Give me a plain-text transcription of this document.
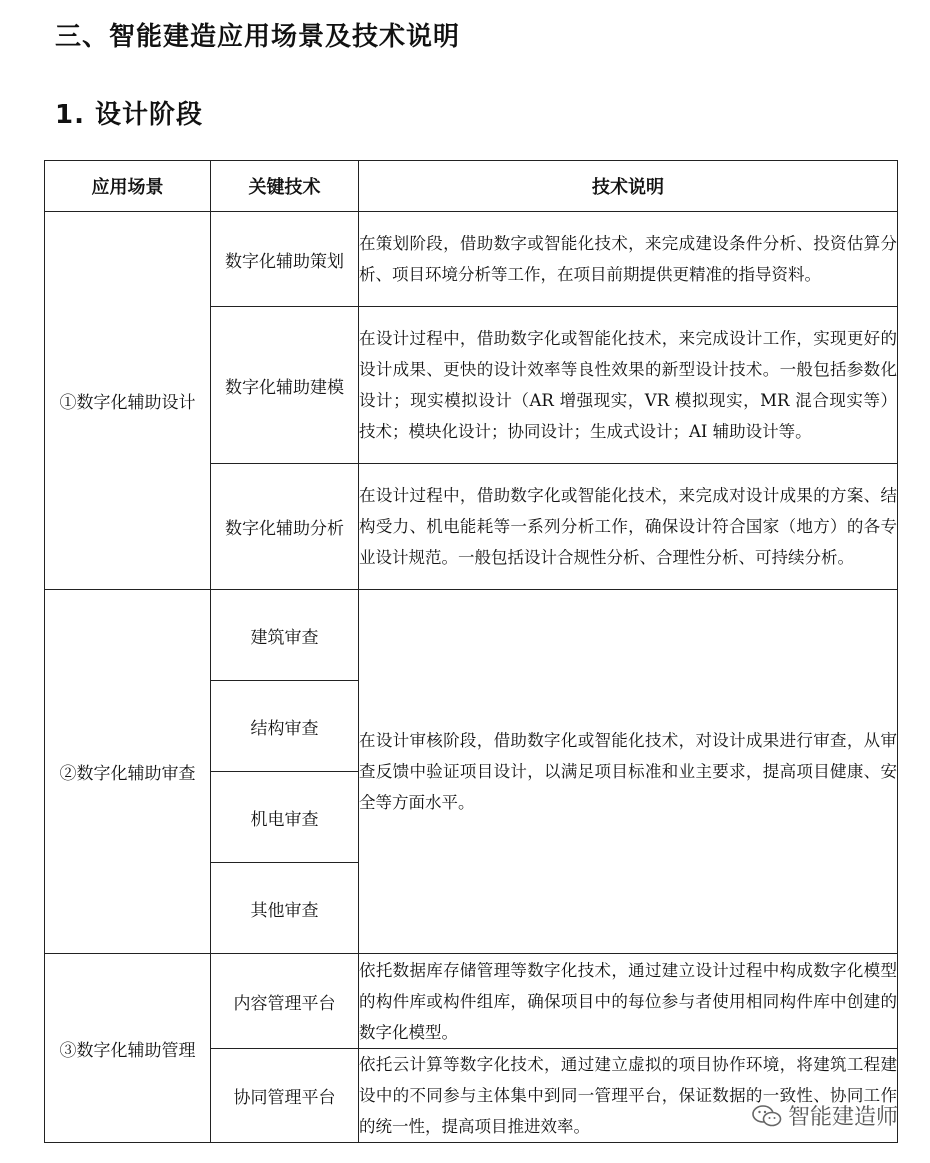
三、智能建造应用场景及技术说明
1. 设计阶段
应用场景	关键技术	技术说明
①数字化辅助设计	数字化辅助策划	在策划阶段，借助数字或智能化技术，来完成建设条件分析、投资估算分析、项目环境分析等工作，在项目前期提供更精准的指导资料。

	数字化辅助建模	在设计过程中，借助数字化或智能化技术，来完成设计工作，实现更好的设计成果、更快的设计效率等良性效果的新型设计技术。一般包括参数化设计；现实模拟设计（AR 增强现实，VR 模拟现实，MR 混合现实等）技术；模块化设计；协同设计；生成式设计；AI 辅助设计等。

	数字化辅助分析	在设计过程中，借助数字化或智能化技术，来完成对设计成果的方案、结构受力、机电能耗等一系列分析工作，确保设计符合国家（地方）的各专业设计规范。一般包括设计合规性分析、合理性分析、可持续分析。

②数字化辅助审查	建筑审查	在设计审核阶段，借助数字化或智能化技术，对设计成果进行审查，从审查反馈中验证项目设计，以满足项目标准和业主要求，提高项目健康、安全等方面水平。

	结构审查	
	机电审查	
	其他审查	
③数字化辅助管理	内容管理平台	依托数据库存储管理等数字化技术，通过建立设计过程中构成数字化模型的构件库或构件组库，确保项目中的每位参与者使用相同构件库中创建的数字化模型。

	协同管理平台	依托云计算等数字化技术，通过建立虚拟的项目协作环境，将建筑工程建设中的不同参与主体集中到同一管理平台，保证数据的一致性、协同工作的统一性，提高项目推进效率。	智能建造师
